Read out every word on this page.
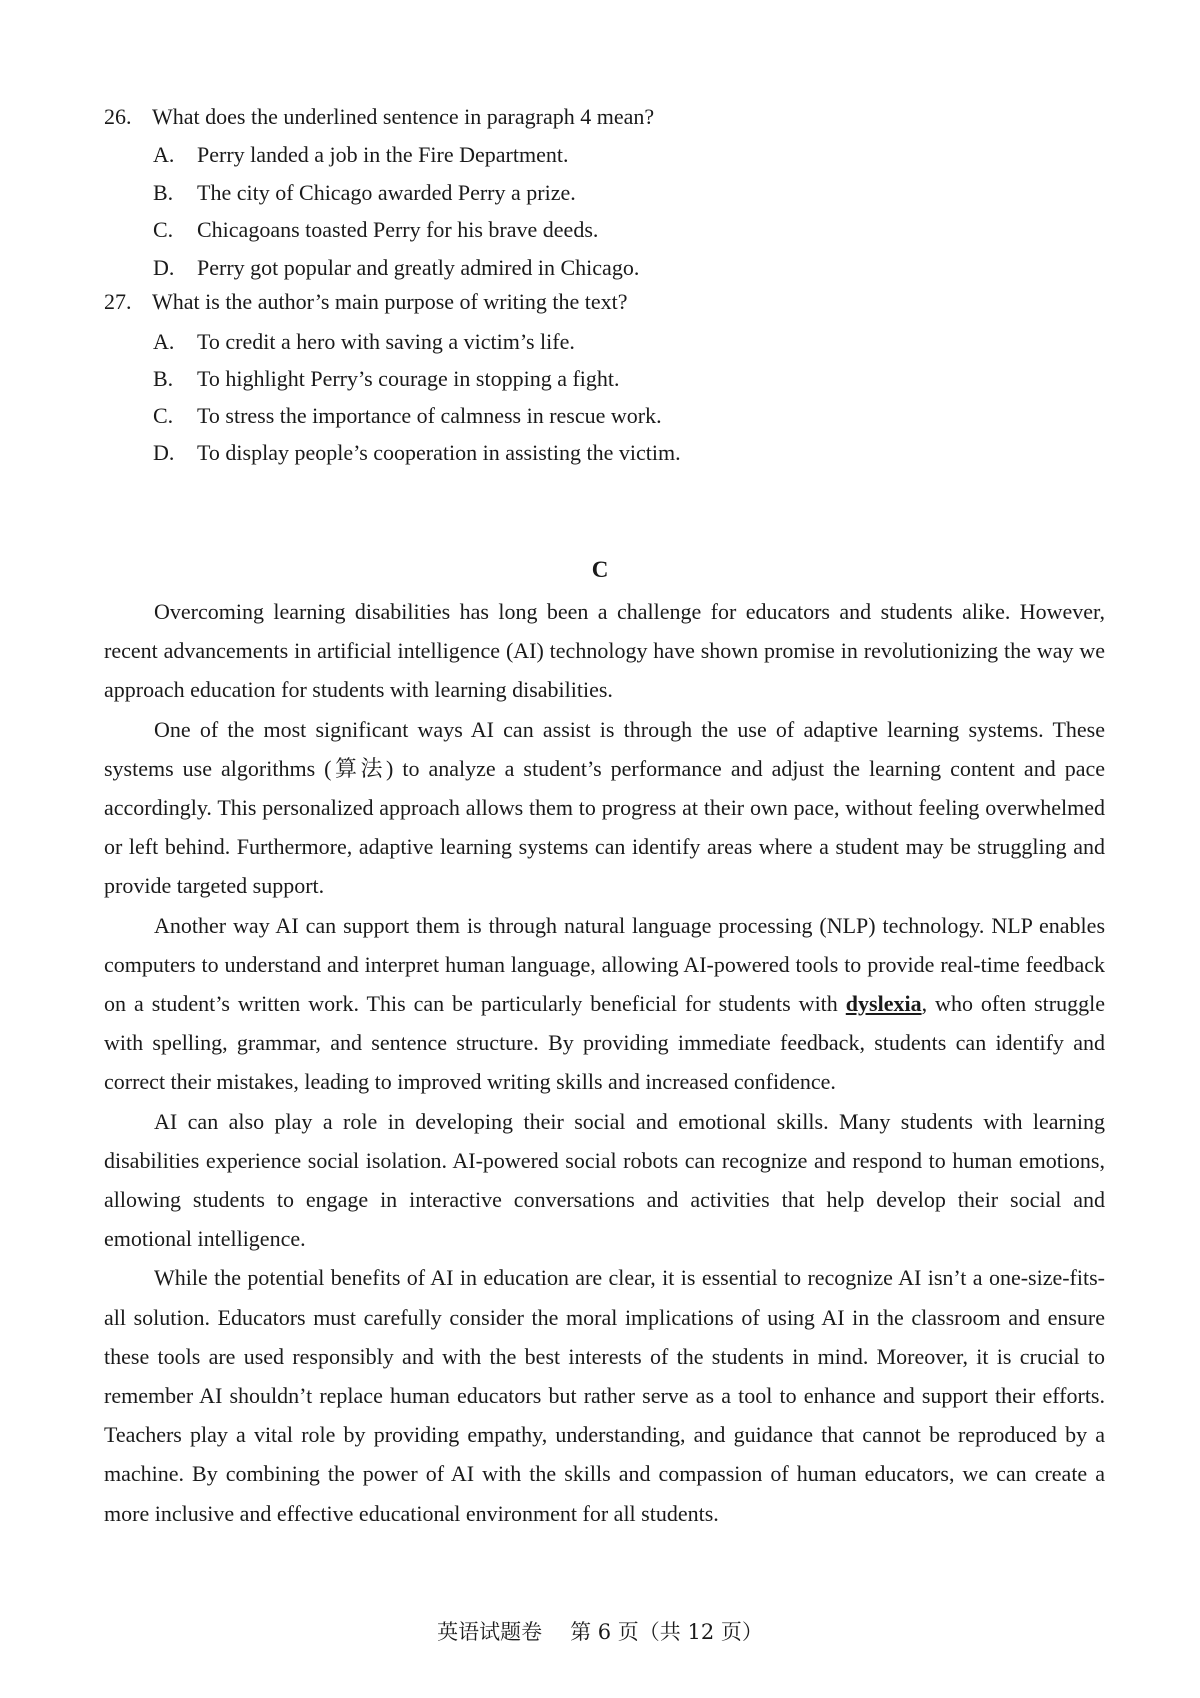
26. What does the underlined sentence in paragraph 4 mean?
A. Perry landed a job in the Fire Department.
B. The city of Chicago awarded Perry a prize.
C. Chicagoans toasted Perry for his brave deeds.
D. Perry got popular and greatly admired in Chicago.
27. What is the author’s main purpose of writing the text?
A. To credit a hero with saving a victim’s life.
B. To highlight Perry’s courage in stopping a fight.
C. To stress the importance of calmness in rescue work.
D. To display people’s cooperation in assisting the victim.
C

Overcoming learning disabilities has long been a challenge for educators and students alike. However, recent advancements in artificial intelligence (AI) technology have shown promise in revolutionizing the way we approach education for students with learning disabilities.

One of the most significant ways AI can assist is through the use of adaptive learning systems. These systems use algorithms (算法) to analyze a student’s performance and adjust the learning content and pace accordingly. This personalized approach allows them to progress at their own pace, without feeling overwhelmed or left behind. Furthermore, adaptive learning systems can identify areas where a student may be struggling and provide targeted support.

Another way AI can support them is through natural language processing (NLP) technology. NLP enables computers to understand and interpret human language, allowing AI-powered tools to provide real-time feedback on a student’s written work. This can be particularly beneficial for students with dyslexia, who often struggle with spelling, grammar, and sentence structure. By providing immediate feedback, students can identify and correct their mistakes, leading to improved writing skills and increased confidence.

AI can also play a role in developing their social and emotional skills. Many students with learning disabilities experience social isolation. AI-powered social robots can recognize and respond to human emotions, allowing students to engage in interactive conversations and activities that help develop their social and emotional intelligence.

While the potential benefits of AI in education are clear, it is essential to recognize AI isn’t a one-size-fits-all solution. Educators must carefully consider the moral implications of using AI in the classroom and ensure these tools are used responsibly and with the best interests of the students in mind. Moreover, it is crucial to remember AI shouldn’t replace human educators but rather serve as a tool to enhance and support their efforts. Teachers play a vital role by providing empathy, understanding, and guidance that cannot be reproduced by a machine. By combining the power of AI with the skills and compassion of human educators, we can create a more inclusive and effective educational environment for all students.

英语试题卷 第 6 页（共 12 页）
